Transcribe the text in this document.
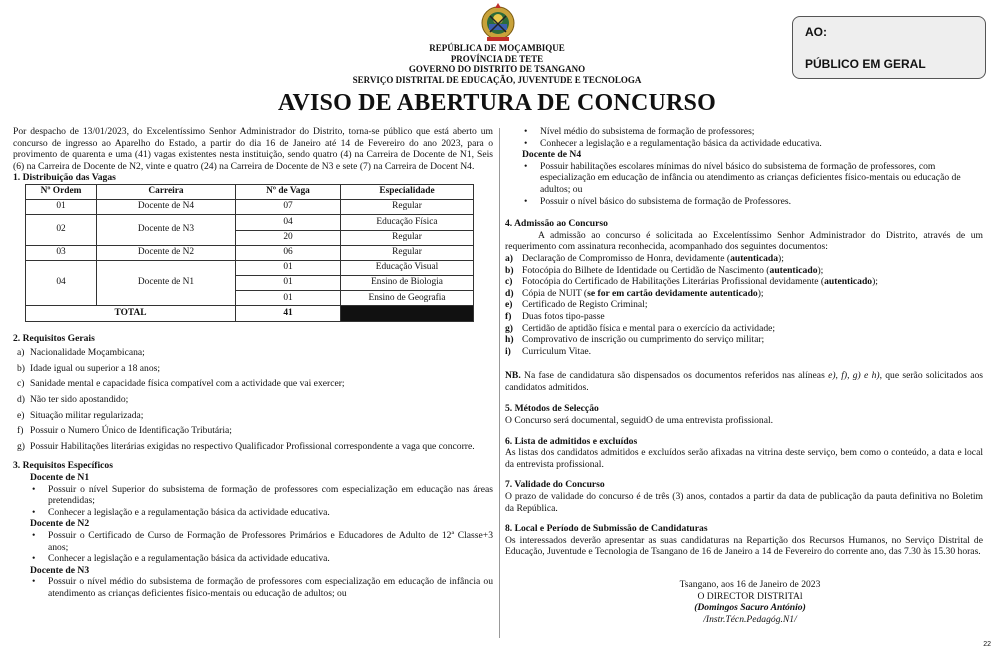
REPÚBLICA DE MOÇAMBIQUE
PROVÍNCIA DE TETE
GOVERNO DO DISTRITO DE TSANGANO
SERVIÇO DISTRITAL DE EDUCAÇÃO, JUVENTUDE E TECNOLOGA
AO:
PÚBLICO EM GERAL
AVISO DE ABERTURA DE CONCURSO

Por despacho de 13/01/2023, do Excelentíssimo Senhor Administrador do Distrito, torna-se público que está aberto um concurso de ingresso ao Aparelho do Estado, a partir do dia 16 de Janeiro até 14 de Fevereiro do ano 2023, para o provimento de quarenta e uma (41) vagas existentes nesta instituição, sendo quatro (4) na Carreira de Docente de N1, Seis (6) na Carreira de Docente de N2, vinte e quatro (24) na Carreira de Docente de N3 e sete (7) na Carreira de Docent N4.

1. Distribuição das Vagas

Nº Ordem	Carreira	Nº de Vaga	Especialidade
01	Docente de N4	07	Regular
02	Docente de N3	04	Educação Física
		20	Regular
03	Docente de N2	06	Regular
04	Docente de N1	01	Educação Visual
		01	Ensino de Biologia
		01	Ensino de Geografia
TOTAL		41	

2. Requisitos Gerais

a) Nacionalidade Moçambicana;
b) Idade igual ou superior a 18 anos;
c) Sanidade mental e capacidade física compatível com a actividade que vai exercer;
d) Não ter sido apostandido;
e) Situação militar regularizada;
f) Possuir o Numero Único de Identificação Tributária;
g) Possuir Habilitações literárias exigidas no respectivo Qualificador Profissional correspondente a vaga que concorre.

3. Requisitos Específicos

Docente de N1

• Possuir o nível Superior do subsistema de formação de professores com especialização em educação nas áreas pretendidas;
• Conhecer a legislação e a regulamentação básica da actividade educativa.

Docente de N2

• Possuir o Certificado de Curso de Formação de Professores Primários e Educadores de Adulto de 12ª Classe+3 anos;
• Conhecer a legislação e a regulamentação básica da actividade educativa.

Docente de N3

• Possuir o nível médio do subsistema de formação de professores com especialização em educação de infância ou atendimento as crianças deficientes físico-mentais ou educação de adultos; ou
• Nível médio do subsistema de formação de professores;
• Conhecer a legislação e a regulamentação básica da actividade educativa.

Docente de N4

• Possuir habilitações escolares mínimas do nível básico do subsistema de formação de professores, com especialização em educação de infância ou atendimento as crianças deficientes físico-mentais ou educação de adultos; ou
• Possuir o nível básico do subsistema de formação de Professores.

4. Admissão ao Concurso

A admissão ao concurso é solicitada ao Excelentíssimo Senhor Administrador do Distrito, através de um requerimento com assinatura reconhecida, acompanhado dos seguintes documentos:

a) Declaração de Compromisso de Honra, devidamente (autenticada);
b) Fotocópia do Bilhete de Identidade ou Certidão de Nascimento (autenticado);
c) Fotocópia do Certificado de Habilitações Literárias Profissional devidamente (autenticado);
d) Cópia de NUIT (se for em cartão devidamente autenticado);
e) Certificado de Registo Criminal;
f) Duas fotos tipo-passe
g) Certidão de aptidão física e mental para o exercício da actividade;
h) Comprovativo de inscrição ou cumprimento do serviço militar;
i) Curriculum Vitae.

NB. Na fase de candidatura são dispensados os documentos referidos nas alíneas e), f), g) e h), que serão solicitados aos candidatos admitidos.

5. Métodos de Selecção

O Concurso será documental, seguidO de uma entrevista profissional.

6. Lista de admitidos e excluídos

As listas dos candidatos admitidos e excluídos serão afixadas na vitrina deste serviço, bem como o conteúdo, a data e local da entrevista profissional.

7. Validade do Concurso

O prazo de validade do concurso é de três (3) anos, contados a partir da data de publicação da pauta definitiva no Boletim da República.

8. Local e Período de Submissão de Candidaturas

Os interessados deverão apresentar as suas candidaturas na Repartição dos Recursos Humanos, no Serviço Distrital de Educação, Juventude e Tecnologia de Tsangano de 16 de Janeiro a 14 de Fevereiro do corrente ano, das 7.30 às 15.30 horas.

Tsangano, aos 16 de Janeiro de 2023
O DIRECTOR DISTRITAl
(Domingos Sacuro António)
/Instr.Técn.Pedagóg.N1/
22
